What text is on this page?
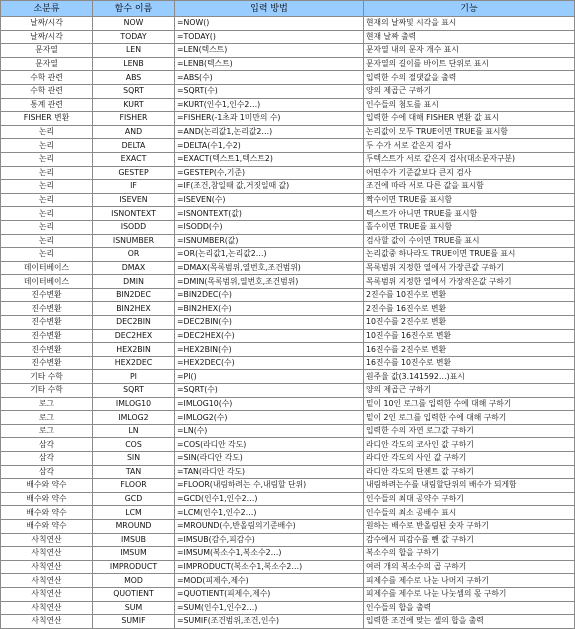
소분류	함수 이름	입력 방법	기능
날짜/시각	NOW	=NOW()	현재의 날짜및 시각을 표시
날짜/시각	TODAY	=TODAY()	현재 날짜 출력
문자열	LEN	=LEN(텍스트)	문자열 내의 문자 개수 표시
문자열	LENB	=LENB(텍스트)	문자열의 길이를 바이트 단위로 표시
수학 관련	ABS	=ABS(수)	입력한 수의 절댓값을 출력
수학 관련	SQRT	=SQRT(수)	양의 제곱근 구하기
통계 관련	KURT	=KURT(인수1,인수2…)	인수들의 첨도를 표시
FISHER 변환	FISHER	=FISHER(-1초과 1미만의 수)	입력한 수에 대해 FISHER 변환 값 표시
논리	AND	=AND(논리값1,논리값2…)	논리값이 모두 TRUE이면 TRUE를 표시함
논리	DELTA	=DELTA(수1,수2)	두 수가 서로 같은지 검사
논리	EXACT	=EXACT(텍스트1,텍스트2)	두텍스트가 서로 같은지 검사(대소문자구분)
논리	GESTEP	=GESTEP(수,기준)	어떤수가 기준값보다 큰지 검사
논리	IF	=IF(조건,참일때 값,거짓일때 값)	조건에 따라 서로 다른 값을 표시함
논리	ISEVEN	=ISEVEN(수)	짝수이면 TRUE를 표시함
논리	ISNONTEXT	=ISNONTEXT(값)	텍스트가 아니면 TRUE를 표시함
논리	ISODD	=ISODD(수)	홀수이면 TRUE를 표시함
논리	ISNUMBER	=ISNUMBER(값)	검사할 값이 수이면 TRUE를 표시
논리	OR	=OR(논리값1,논리값2…)	논리값중 하나라도 TRUE이면 TRUE를 표시
데이터베이스	DMAX	=DMAX(목록범위,열번호,조건범위)	목록범위 지정한 열에서 가장큰값 구하기
데이터베이스	DMIN	=DMIN(목록범위,열번호,조건범위)	목록범위 지정한 열에서 가장작은값 구하기
진수변환	BIN2DEC	=BIN2DEC(수)	2진수를 10진수로 변환
진수변환	BIN2HEX	=BIN2HEX(수)	2진수를 16진수로 변환
진수변환	DEC2BIN	=DEC2BIN(수)	10진수를 2진수로 변환
진수변환	DEC2HEX	=DEC2HEX(수)	10진수를 16진수로 변환
진수변환	HEX2BIN	=HEX2BIN(수)	16진수를 2진수로 변환
진수변환	HEX2DEC	=HEX2DEC(수)	16진수를 10진수로 변환
기타 수학	PI	=PI()	원주율 값(3.141592…)표시
기타 수학	SQRT	=SQRT(수)	양의 제곱근 구하기
로그	IMLOG10	=IMLOG10(수)	밑이 10인 로그를 입력한 수에 대해 구하기
로그	IMLOG2	=IMLOG2(수)	밑이 2인 로그를 입력한 수에 대해 구하기
로그	LN	=LN(수)	입력한 수의 자연 로그값 구하기
삼각	COS	=COS(라디안 각도)	라디안 각도의 코사인 값 구하기
삼각	SIN	=SIN(라디안 각도)	라디안 각도의 사인 값 구하기
삼각	TAN	=TAN(라디안 각도)	라디안 각도의 탄젠트 값 구하기
배수와 약수	FLOOR	=FLOOR(내림하려는 수,내림할 단위)	내림하려는수를 내림할단위의 배수가 되게함
배수와 약수	GCD	=GCD(인수1,인수2…)	인수들의 최대 공약수 구하기
배수와 약수	LCM	=LCM(인수1,인수2…)	인수들의 최소 공배수 표시
배수와 약수	MROUND	=MROUND(수,반올림의기준배수)	원하는 배수로 반올림된 숫자 구하기
사칙연산	IMSUB	=IMSUB(감수,피감수)	감수에서 피감수를 뺀 값 구하기
사칙연산	IMSUM	=IMSUM(복소수1,복소수2…)	복소수의 합을 구하기
사칙연산	IMPRODUCT	=IMPRODUCT(복소수1,복소수2…)	여러 개의 복소수의 곱 구하기
사칙연산	MOD	=MOD(피제수,제수)	피제수를 제수로 나눈 나머지 구하기
사칙연산	QUOTIENT	=QUOTIENT(피제수,제수)	피제수를 제수로 나눈 나눗셈의 몫 구하기
사칙연산	SUM	=SUM(인수1,인수2…)	인수들의 합을 출력
사칙연산	SUMIF	=SUMIF(조건범위,조건,인수)	입력한 조건에 맞는 셀의 합을 출력
